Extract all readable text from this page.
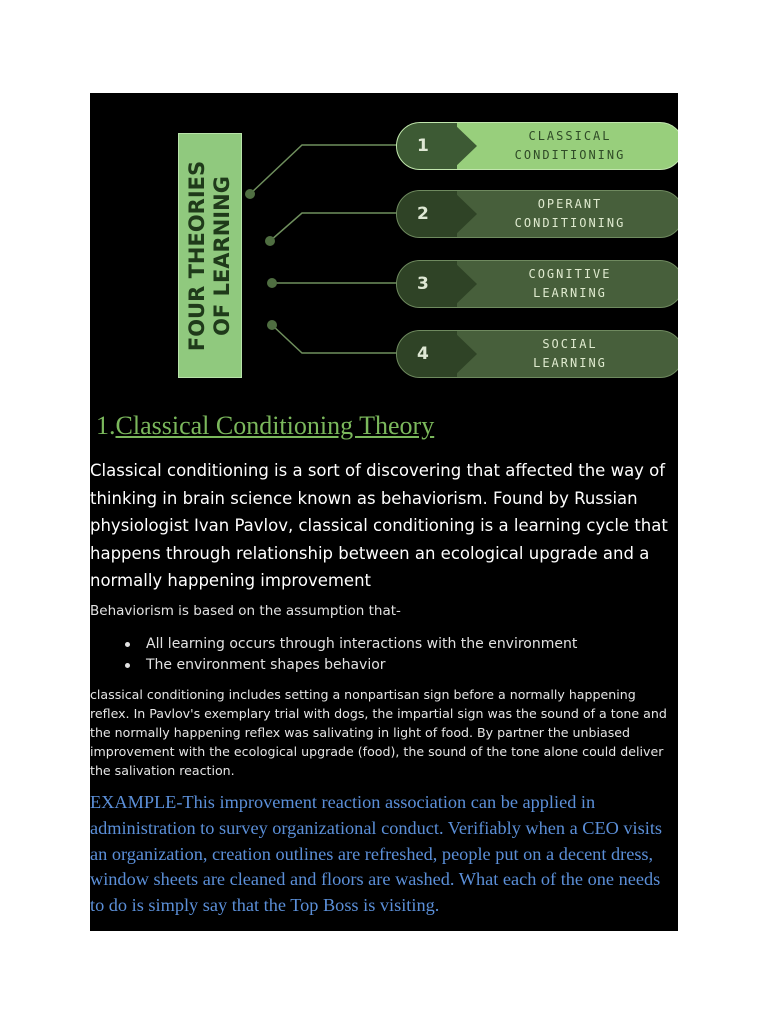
FOUR THEORIES OF LEARNING
1	CLASSICAL
CONDITIONING
2	OPERANT
CONDITIONING
3	COGNITIVE
LEARNING
4	SOCIAL
LEARNING
1.Classical Conditioning Theory
Classical conditioning is a sort of discovering that affected the way of thinking in brain science known as behaviorism. Found by Russian physiologist Ivan Pavlov, classical conditioning is a learning cycle that happens through relationship between an ecological upgrade and a normally happening improvement
Behaviorism is based on the assumption that-
All learning occurs through interactions with the environment
The environment shapes behavior
classical conditioning includes setting a nonpartisan sign before a normally happening reflex. In Pavlov's exemplary trial with dogs, the impartial sign was the sound of a tone and the normally happening reflex was salivating in light of food. By partner the unbiased improvement with the ecological upgrade (food), the sound of the tone alone could deliver the salivation reaction.
EXAMPLE-This improvement reaction association can be applied in administration to survey organizational conduct. Verifiably when a CEO visits an organization, creation outlines are refreshed, people put on a decent dress, window sheets are cleaned and floors are washed. What each of the one needs to do is simply say that the Top Boss is visiting.
